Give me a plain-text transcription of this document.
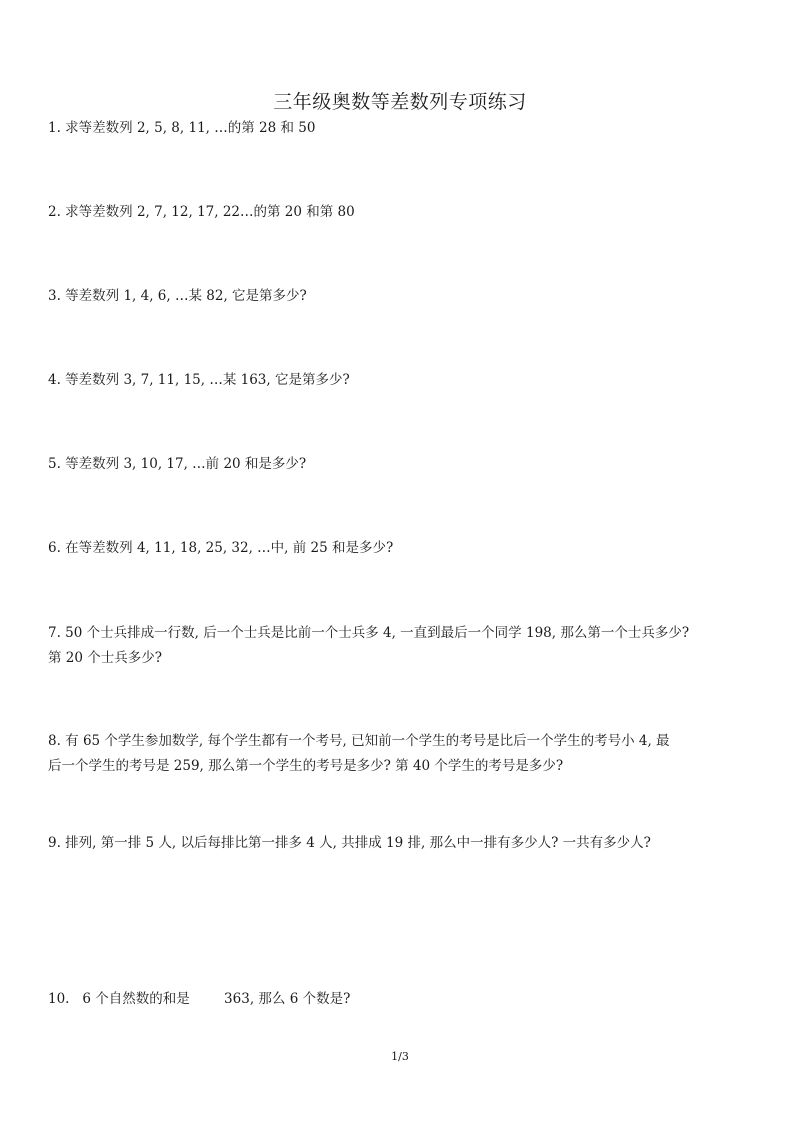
三年级奥数等差数列专项练习
1. 求等差数列 2, 5, 8, 11, …的第 28 和 50
2. 求等差数列 2, 7, 12, 17, 22…的第 20 和第 80
3. 等差数列 1, 4, 6, …某 82, 它是第多少?
4. 等差数列 3, 7, 11, 15, …某 163, 它是第多少?
5. 等差数列 3, 10, 17, …前 20 和是多少?
6. 在等差数列 4, 11, 18, 25, 32, …中, 前 25 和是多少?
7. 50 个士兵排成一行数, 后一个士兵是比前一个士兵多 4, 一直到最后一个同学 198, 那么第一个士兵多少?
第 20 个士兵多少?
8. 有 65 个学生参加数学, 每个学生都有一个考号, 已知前一个学生的考号是比后一个学生的考号小 4, 最
后一个学生的考号是 259, 那么第一个学生的考号是多少? 第 40 个学生的考号是多少?
9. 排列, 第一排 5 人, 以后每排比第一排多 4 人, 共排成 19 排, 那么中一排有多少人? 一共有多少人?

10.   6 个自然数的和是        363, 那么 6 个数是?

1/3
